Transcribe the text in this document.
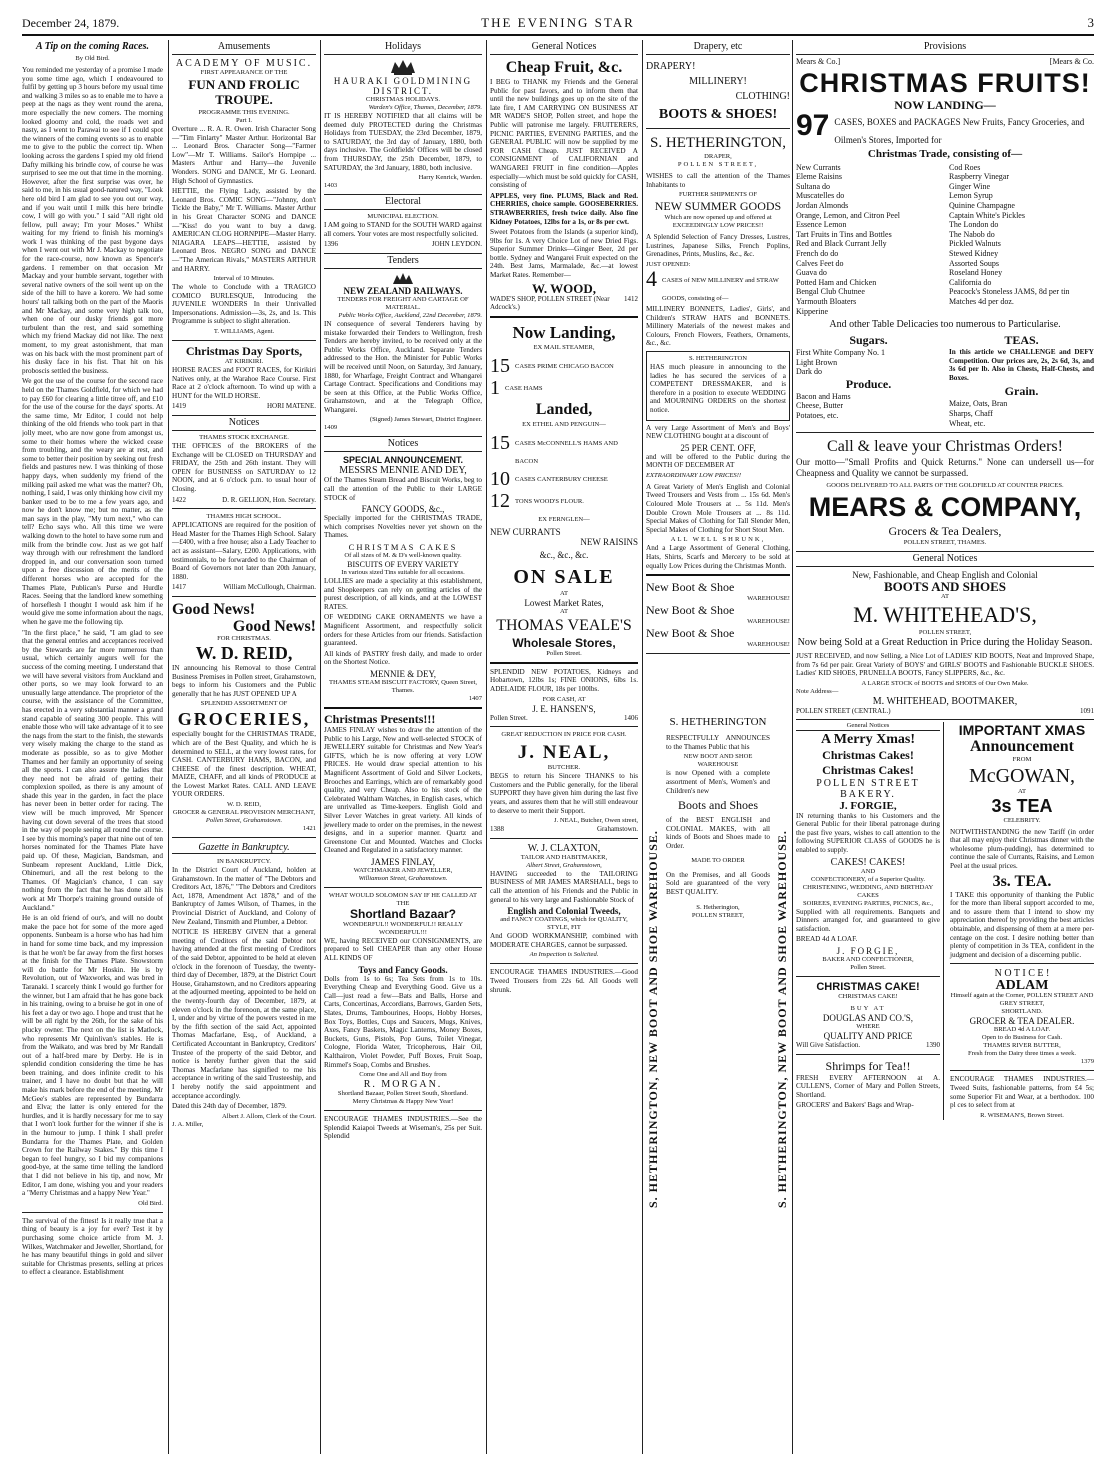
December 24, 1879.	THE EVENING STAR	3
A Tip on the coming Races.
By Old Bird.
You reminded me yesterday of a promise I made you some time ago, which I endeavoured to fulfil by getting up 3 hours before my usual time and walking 3 miles so as to enable me to have a peep at the nags as they went round the arena, more especially the new comers. The morning looked gloomy and cold, the roads wet and nasty, as I went to Parawai to see if I could spot the winners of the coming events so as to enable me to give to the public the correct tip. When looking across the gardens I spied my old friend Dafty milking his brindle cow, of course he was surprised to see me out that time in the morning. However, after the first surprise was over, he said to me, in his usual good-natured way, "Look here old bird I am glad to see you out our way, and if you wait until I milk this here brindle cow, I will go with you." I said "All right old fellow, pull away; I'm your Moses." Whilst waiting for my friend to finish his morning's work I was thinking of the past bygone days when I went out with Mr J. Mackay to negotiate for the race-course, now known as Spencer's gardens. I remember on that occasion Mr Mackay and your humble servant, together with several native owners of the soil went up on the side of the hill to have a korero. We had some hours' tall talking both on the part of the Maoris and Mr Mackay, and some very high talk too, when one of our dusky friends got more turbulent than the rest, and said something which my friend Mackay did not like. The next moment, to my great astonishment, that man was on his back with the most prominent part of his dusky face in his fist. That hit on his proboscis settled the business.
We got the use of the course for the second race held on the Thames Goldfield, for which we had to pay £60 for clearing a little titree off, and £10 for the use of the course for the days' sports. At the same time, Mr Editor, I could not help thinking of the old friends who took part in that jolly meet, who are now gone from amongst us, some to their homes where the wicked cease from troubling, and the weary are at rest, and some to better their position by seeking out fresh fields and pastures new. I was thinking of those happy days, when suddenly my friend of the milking pail asked me what was the matter? Oh, nothing, I said, I was only thinking how civil my banker used to be to me a few years ago, and now he don't know me; but no matter, as the man says in the play, "My turn next," who can tell? Echo says who. All this time we were walking down to the hotel to have some rum and milk from the brindle cow. Just as we got half way through with our refreshment the landlord dropped in, and our conversation soon turned upon a free discussion of the merits of the different horses who are accepted for the Thames Plate, Publican's Purse and Hurdle Races. Seeing that the landlord knew something of horseflesh I thought I would ask him if he would give me some information about the nags, when he gave me the following tip.
"In the first place," he said, "I am glad to see that the general entries and acceptances received by the Stewards are far more numerous than usual, which certainly augurs well for the success of the coming meeting. I understand that we will have several visitors from Auckland and other ports, so we may look forward to an unusually large attendance. The proprietor of the course, with the assistance of the Committee, has erected in a very substantial manner a grand stand capable of seating 300 people. This will enable those who will take advantage of it to see the nags from the start to the finish, the stewards very wisely making the charge to the stand as moderate as possible, so as to give Mother Thames and her family an opportunity of seeing all the sports. I can also assure the ladies that they need not be afraid of getting their complexion spoiled, as there is any amount of shade this year in the garden, in fact the place has never been in better order for racing. The view will be much improved, Mr Spencer having cut down several of the trees that stood in the way of people seeing all round the course. I see by this morning's paper that nine out of ten horses nominated for the Thames Plate have paid up. Of these, Magician, Bandsman, and Sunbeam represent Auckland, Little Dick, Ohinemuri, and all the rest belong to the Thames. Of Magician's chance, I can say nothing from the fact that he has done all his work at Mr Thorpe's training ground outside of Auckland."
He is an old friend of our's, and will no doubt make the pace hot for some of the more aged opponents. Sunbeam is a horse who has had him in hand for some time back, and my impression is that he won't be far away from the first horses at the finish for the Thames Plate. Snowstorm will do battle for Mr Hoskin. He is by Revolution, out of Waxworks, and was bred in Taranaki. I scarcely think I would go further for the winner, but I am afraid that he has gone back in his training, owing to a bruise he got in one of his feet a day or two ago. I hope and trust that he will be all right by the 26th, for the sake of his plucky owner. The next on the list is Matlock, who represents Mr Quinlivan's stables. He is from the Waikato, and was bred by Mr Randall out of a half-bred mare by Derby. He is in splendid condition considering the time he has been training, and does infinite credit to his trainer, and I have no doubt but that he will make his mark before the end of the meeting. Mr McGee's stables are represented by Bundarra and Elva; the latter is only entered for the hurdles, and it is hardly necessary for me to say that I won't look further for the winner if she is in the humour to jump. I think I shall prefer Bundarra for the Thames Plate, and Golden Crown for the Railway Stakes." By this time I began to feel hungry, so I bid my companions good-bye, at the same time telling the landlord that I did not believe in his tip, and now, Mr Editor, I am done, wishing you and your readers a "Merry Christmas and a happy New Year."
Old Bird.
The survival of the fittest! Is it really true that a thing of beauty is a joy for ever? Test it by purchasing some choice article from M. J. Wilkes, Watchmaker and Jeweller, Shortland, for he has many beautiful things in gold and silver suitable for Christmas presents, selling at prices to effect a clearance. Establishment
Amusements
ACADEMY OF MUSIC.
FIRST APPEARANCE OF THE
FUN AND FROLIC TROUPE.
PROGRAMME THIS EVENING.
Part I.
Overture ... R. A. R. Owen. Irish Character Song—"Tim Finlarty" Master Arthur. Horizontal Bar ... Leonard Bros. Character Song—"Farmer Low"—Mr T. Williams. Sailor's Hornpipe ... Masters Arthur and Harry—the Juvenile Wonders. SONG and DANCE, Mr G. Leonard. High School of Gymnastics.
HETTIE, the Flying Lady, assisted by the Leonard Bros. COMIC SONG—"Johnny, don't Tickle the Baby," Mr T. Williams. Master Arthur in his Great Character SONG and DANCE—"Kiss! do you want to buy a dawg. AMERICAN CLOG HORNPIPE—Master Harry. NIAGARA LEAPS—HETTIE, assisted by Leonard Bros. NEGRO SONG and DANCE—"The American Rivals," MASTERS ARTHUR and HARRY.
Interval of 10 Minutes.
The whole to Conclude with a TRAGICO COMICO BURLESQUE, Introducing the JUVENILE WONDERS In their Unrivalled Impersonations. Admission—3s, 2s, and 1s. This Programme is subject to slight alteration.
T. WILLIAMS, Agent.
Christmas Day Sports,
AT KIRIKIRI.
HORSE RACES and FOOT RACES, for Kirikiri Natives only, at the Warahoe Race Course. First Race at 2 o'clock afternoon. To wind up with a HUNT for the WILD HORSE.
1419	HORI MATENE.
Notices
THAMES STOCK EXCHANGE.
THE OFFICES of the BROKERS of the Exchange will be CLOSED on THURSDAY and FRIDAY, the 25th and 26th instant. They will OPEN for BUSINESS on SATURDAY to 12 NOON, and at 6 o'clock p.m. to usual hour of Closing.
1422	D. R. GELLION, Hon. Secretary.
THAMES HIGH SCHOOL.
APPLICATIONS are required for the position of Head Master for the Thames High School. Salary—£400, with a free house; also a Lady Teacher to act as assistant—Salary, £200. Applications, with testimonials, to be forwarded to the Chairman of Board of Governors not later than 20th January, 1880.
1417	William McCullough, Chairman.
Good News!
Good News!
FOR CHRISTMAS.
W. D. REID,
IN announcing his Removal to those Central Business Premises in Pollen street, Grahamstown, begs to inform his Customers and the Public generally that he has JUST OPENED UP A
SPLENDID ASSORTMENT OF
GROCERIES,
especially bought for the CHRISTMAS TRADE, which are of the Best Quality, and which he is determined to SELL, at the very lowest rates, for CASH. CANTERBURY HAMS, BACON, and CHEESE of the finest description. WHEAT, MAIZE, CHAFF, and all kinds of PRODUCE at the Lowest Market Rates. CALL AND LEAVE YOUR ORDERS.
W. D. REID,
GROCER & GENERAL PROVISION MERCHANT,
Pollen Street, Grahamstown.
1421
Gazette in Bankruptcy.
IN BANKRUPTCY.
In the District Court of Auckland, holden at Grahamstown. In the matter of "The Debtors and Creditors Act, 1876," "The Debtors and Creditors Act, 1878, Amendment Act 1878," and of the Bankruptcy of James Wilson, of Thames, in the Provincial District of Auckland, and Colony of New Zealand, Tinsmith and Plumber, a Debtor.
NOTICE IS HEREBY GIVEN that a general meeting of Creditors of the said Debtor not having attended at the first meeting of Creditors of the said Debtor, appointed to be held at eleven o'clock in the forenoon of Tuesday, the twenty-third day of December, 1879, at the District Court House, Grahamstown, and no Creditors appearing at the adjourned meeting, appointed to be held on the twenty-fourth day of December, 1879, at eleven o'clock in the forenoon, at the same place, I, under and by virtue of the powers vested in me by the fifth section of the said Act, appointed Thomas Macfarlane, Esq., of Auckland, a Certificated Accountant in Bankruptcy, Creditors' Trustee of the property of the said Debtor, and notice is hereby further given that the said Thomas Macfarlane has signified to me his acceptance in writing of the said Trusteeship, and I hereby notify the said appointment and acceptance accordingly.
Dated this 24th day of December, 1879.
Albert J. Allom, Clerk of the Court.
J. A. Miller,
Holidays
HAURAKI GOLDMINING DISTRICT.
CHRISTMAS HOLIDAYS.
Warden's Office, Thames, December, 1879.
IT IS HEREBY NOTIFIED that all claims will be deemed duly PROTECTED during the Christmas Holidays from TUESDAY, the 23rd December, 1879, to SATURDAY, the 3rd day of January, 1880, both days inclusive. The Goldfields' Offices will be closed from THURSDAY, the 25th December, 1879, to SATURDAY, the 3rd January, 1880, both inclusive.
Harry Kenrick, Warden.
1403
Electoral
MUNICIPAL ELECTION.
I AM going to STAND for the SOUTH WARD against all comers. Your votes are most respectfully solicited.
1396	JOHN LEYDON.
Tenders
NEW ZEALAND RAILWAYS.
TENDERS FOR FREIGHT AND CARTAGE OF MATERIAL.
Public Works Office, Auckland, 22nd December, 1879.
IN consequence of several Tenderers having by mistake forwarded their Tenders to Wellington, fresh Tenders are hereby invited, to be received only at the Public Works Office, Auckland. Separate Tenders addressed to the Hon. the Minister for Public Works will be received until Noon, on Saturday, 3rd January, 1880, for Wharfage, Freight Contract and Whangarei Cartage Contract. Specifications and Conditions may be seen at this Office, at the Public Works Office, Grahamstown, and at the Telegraph Office, Whangarei.
(Signed) James Stewart, District Engineer.
1409
Notices
SPECIAL ANNOUNCEMENT.
MESSRS MENNIE AND DEY,
Of the Thames Steam Bread and Biscuit Works, beg to call the attention of the Public to their LARGE STOCK of
FANCY GOODS, &c.,
Specially imported for the CHRISTMAS TRADE, which comprises Novelties never yet shown on the Thames.
CHRISTMAS CAKES
Of all sizes of M. & D's well-known quality.
BISCUITS OF EVERY VARIETY
In various sized Tins suitable for all occasions.
LOLLIES are made a speciality at this establishment, and Shopkeepers can rely on getting articles of the purest description, of all kinds, and at the LOWEST RATES.
OF WEDDING CAKE ORNAMENTS we have a Magnificent Assortment, and respectfully solicit orders for these Articles from our friends. Satisfaction guaranteed.
All kinds of PASTRY fresh daily, and made to order on the Shortest Notice.
MENNIE & DEY,
THAMES STEAM BISCUIT FACTORY, Queen Street, Thames.
1407
Christmas Presents!!!
JAMES FINLAY wishes to draw the attention of the Public to his Large, New and well-selected STOCK of JEWELLERY suitable for Christmas and New Year's GIFTS, which he is now offering at very LOW PRICES. He would draw special attention to his Magnificent Assortment of Gold and Silver Lockets, Brooches and Earrings, which are of remarkably good quality, and very Cheap. Also to his stock of the Celebrated Waltham Watches, in English cases, which are unrivalled as Time-keepers. English Gold and Silver Lever Watches in great variety. All kinds of jewellery made to order on the premises, in the newest designs, and in a superior manner. Quartz and Greenstone Cut and Mounted. Watches and Clocks Cleaned and Regulated in a satisfactory manner.
JAMES FINLAY,
WATCHMAKER AND JEWELLER,
Williamson Street, Grahamstown.
WHAT WOULD SOLOMON SAY IF HE CALLED AT THE
Shortland Bazaar?
WONDERFUL!! WONDERFUL!! REALLY WONDERFUL!!!
WE, having RECEIVED our CONSIGNMENTS, are prepared to Sell CHEAPER than any other House ALL KINDS OF
Toys and Fancy Goods.
Dolls from 1s to 6s; Tea Sets from 1s to 10s. Everything Cheap and Everything Good. Give us a Call—just read a few—Bats and Balls, Horse and Carts, Concertinas, Accordians, Barrows, Garden Sets, Slates, Drums, Tambourines, Hoops, Hobby Horses, Box Toys, Bottles, Cups and Saucers, Mugs, Knives, Axes, Fancy Baskets, Magic Lanterns, Money Boxes, Buckets, Guns, Pistols, Pop Guns, Toilet Vinegar, Cologne, Florida Water, Tricopherous, Hair Oil, Kalthairon, Violet Powder, Puff Boxes, Fruit Soap, Rimmel's Soap, Combs and Brushes.
Come One and All and Buy from
R. MORGAN.
Shortland Bazaar, Pollen Street South, Shortland.
Merry Christmas & Happy New Year!
ENCOURAGE THAMES INDUSTRIES.—See the Splendid Kaiapoi Tweeds at Wiseman's, 25s per Suit. Splendid
General Notices
Cheap Fruit, &c.
I BEG to THANK my Friends and the General Public for past favors, and to inform them that until the new buildings goes up on the site of the late fire, I AM CARRYING ON BUSINESS AT MR WADE'S SHOP, Pollen street, and hope the Public will patronise me largely. FRUITERERS, PICNIC PARTIES, EVENING PARTIES, and the GENERAL PUBLIC will now be supplied by me FOR CASH Cheap. JUST RECEIVED A CONSIGNMENT of CALIFORNIAN and WANGAREI FRUIT in fine condition—Apples especially—which must be sold quickly for CASH, consisting of
APPLES, very fine. PLUMS, Black and Red. CHERRIES, choice sample. GOOSEBERRIES. STRAWBERRIES, fresh twice daily. Also fine Kidney Potatoes, 12lbs for a 1s, or 8s per cwt.
Sweet Potatoes from the Islands (a superior kind), 9lbs for 1s. A very Choice Lot of new Dried Figs. Superior Summer Drinks—Ginger Beer, 2d per bottle. Sydney and Wangarei Fruit expected on the 24th. Best Jams, Marmalade, &c.—at lowest Market Rates. Remember—
W. WOOD,
WADE'S SHOP, POLLEN STREET (Near Adcock's.)
1412
Now Landing,
EX MAIL STEAMER,
15 CASES PRIME CHICAGO BACON
1 CASE HAMS
Landed,
EX ETHEL AND PENGUIN—
15 CASES McCONNELL'S HAMS AND BACON
10 CASES CANTERBURY CHEESE
12 TONS WOOD'S FLOUR.
EX FERNGLEN—
NEW CURRANTS
NEW RAISINS
&c., &c., &c.
ON SALE
AT
Lowest Market Rates,
AT
THOMAS VEALE'S
Wholesale Stores,
Pollen Street.
SPLENDID NEW POTATOES, Kidneys and Hobartown, 12lbs 1s; FINE ONIONS, 6lbs 1s. ADELAIDE FLOUR, 18s per 100lbs.
FOR CASH, AT
J. E. HANSEN'S,
Pollen Street.	1406
GREAT REDUCTION IN PRICE FOR CASH.
J. NEAL,
BUTCHER.
BEGS to return his Sincere THANKS to his Customers and the Public generally, for the liberal SUPPORT they have given him during the last five years, and assures them that he will still endeavour to deserve to merit their Support.
J. NEAL, Butcher, Owen street,
1388	Grahamstown.
W. J. CLAXTON,
TAILOR AND HABITMAKER,
Albert Street, Grahamstown,
HAVING succeeded to the TAILORING BUSINESS of MR JAMES MARSHALL, begs to call the attention of his Friends and the Public in general to his very large and Fashionable Stock of
English and Colonial Tweeds,
and FANCY COATINGS, which for QUALITY, STYLE, FIT
And GOOD WORKMANSHIP, combined with MODERATE CHARGES, cannot be surpassed.
An Inspection is Solicited.
ENCOURAGE THAMES INDUSTRIES.—Good Tweed Trousers from 22s 6d. All Goods well shrunk.
Drapery, etc
DRAPERY!
MILLINERY!
CLOTHING!
BOOTS & SHOES!
S. HETHERINGTON,
DRAPER,
POLLEN STREET,
WISHES to call the attention of the Thames Inhabitants to
FURTHER SHIPMENTS OF
NEW SUMMER GOODS
Which are now opened up and offered at EXCEEDINGLY LOW PRICES!!
A Splendid Selection of Fancy Dresses, Lustres, Lustrines, Japanese Silks, French Poplins, Grenadines, Prints, Muslins, &c., &c.
JUST OPENED:
4 CASES of NEW MILLINERY and STRAW GOODS, consisting of—
MILLINERY BONNETS, Ladies', Girls', and Children's STRAW HATS and BONNETS. Millinery Materials of the newest makes and Colours, French Flowers, Feathers, Ornaments, &c., &c.
S. HETHERINGTON
HAS much pleasure in announcing to the ladies he has secured the services of a COMPETENT DRESSMAKER, and is therefore in a position to execute WEDDING and MOURNING ORDERS on the shortest notice.
A very Large Assortment of Men's and Boys' NEW CLOTHING bought at a discount of
25 PER CENT. OFF,
and will be offered to the Public during the MONTH OF DECEMBER AT
EXTRAORDINARY LOW PRICES!!
A Great Variety of Men's English and Colonial Tweed Trousers and Vests from ... 15s 6d. Men's Coloured Mole Trousers at ... 5s 11d. Men's Double Crown Mole Trousers at ... 8s 11d. Special Makes of Clothing for Tall Slender Men, Special Makes of Clothing for Short Stout Men.
ALL WELL SHRUNK,
And a Large Assortment of General Clothing, Hats, Shirts, Scarfs and Mercery to be sold at equally Low Prices during the Christmas Month.
New Boot & Shoe
WAREHOUSE!
New Boot & Shoe
WAREHOUSE!
New Boot & Shoe
WAREHOUSE!
S. HETHERINGTON, NEW BOOT AND SHOE WAREHOUSE.	S. HETHERINGTON, NEW BOOT AND SHOE WAREHOUSE.
S. HETHERINGTON
RESPECTFULLY ANNOUNCES to the Thames Public that his
NEW BOOT AND SHOE WAREHOUSE
is now Opened with a complete assortment of Men's, Women's and Children's new
Boots and Shoes
of the BEST ENGLISH and COLONIAL MAKES, with all kinds of Boots and Shoes made to Order.
MADE TO ORDER
On the Premises, and all Goods Sold are guaranteed of the very BEST QUALITY.
S. Hetherington,
POLLEN STREET,
Provisions
Mears & Co.]	[Mears & Co.
CHRISTMAS FRUITS!
NOW LANDING—
97 CASES, BOXES and PACKAGES New Fruits, Fancy Groceries, and Oilmen's Stores, Imported for
Christmas Trade, consisting of—
New Currants
Eleme Raisins
Sultana do
Muscatelles do
Jordan Almonds
Orange, Lemon, and Citron Peel
Essence Lemon
Tart Fruits in Tins and Bottles
Red and Black Currant Jelly
French do do
Calves Feet do
Guava do
Potted Ham and Chicken
Bengal Club Chutnee
Yarmouth Bloaters
Kipperine
Cod Roes
Raspberry Vinegar
Ginger Wine
Lemon Syrup
Quinine Champagne
Captain White's Pickles
The London do
The Nabob do
Pickled Walnuts
Stewed Kidney
Assorted Soups
Roseland Honey
California do
Peacock's Stoneless JAMS, 8d per tin
Matches 4d per doz.
And other Table Delicacies too numerous to Particularise.
Sugars.
First White Company No. 1
Light Brown
Dark do
Produce.
Bacon and Hams
Cheese, Butter
Potatoes, etc.
TEAS.
In this article we CHALLENGE and DEFY Competition. Our prices are, 2s, 2s 6d, 3s, and 3s 6d per lb. Also in Chests, Half-Chests, and Boxes.
Grain.
Maize, Oats, Bran
Sharps, Chaff
Wheat, etc.
Call & leave your Christmas Orders!
Our motto—"Small Profits and Quick Returns." None can undersell us—for Cheapness and Quality we cannot be surpassed.
GOODS DELIVERED TO ALL PARTS OF THE GOLDFIELD AT COUNTER PRICES.
MEARS & COMPANY,
Grocers & Tea Dealers,
POLLEN STREET, THAMES.
General Notices
New, Fashionable, and Cheap English and Colonial
BOOTS AND SHOES
AT
M. WHITEHEAD'S,
POLLEN STREET,
Now being Sold at a Great Reduction in Price during the Holiday Season.
JUST RECEIVED, and now Selling, a Nice Lot of LADIES' KID BOOTS, Neat and Improved Shape, from 7s 6d per pair. Great Variety of BOYS' and GIRLS' BOOTS and Fashionable BUCKLE SHOES. Ladies' KID SHOES, PRUNELLA BOOTS, Fancy SLIPPERS, &c., &c.
A LARGE STOCK of BOOTS and SHOES of Our Own Make.
Note Address—
M. WHITEHEAD, BOOTMAKER,
POLLEN STREET (CENTRAL.)	1091
General Notices
A Merry Xmas!
Christmas Cakes!
Christmas Cakes!
POLLEN STREET BAKERY.
J. FORGIE,
IN returning thanks to his Customers and the General Public for their liberal patronage during the past five years, wishes to call attention to the following SUPERIOR CLASS of GOODS he is enabled to supply.
CAKES! CAKES!
AND
CONFECTIONERY, of a Superior Quality.
CHRISTENING, WEDDING, AND BIRTHDAY CAKES
SOIREES, EVENING PARTIES, PICNICS, &c.,
Supplied with all requirements. Banquets and Dinners arranged for, and guaranteed to give satisfaction.
BREAD 4d A LOAF.
J. FORGIE,
BAKER AND CONFECTIONER,
Pollen Street.
CHRISTMAS CAKE!
CHRISTMAS CAKE!
BUY AT
DOUGLAS AND CO.'S,
WHERE
QUALITY AND PRICE
Will Give Satisfaction.	1390
Shrimps for Tea!!
FRESH EVERY AFTERNOON at A. CULLEN'S, Corner of Mary and Pollen Streets, Shortland.
GROCERS' and Bakers' Bags and Wrap-
IMPORTANT XMAS
Announcement
FROM
McGOWAN,
AT
3s TEA
CELEBRITY.
NOTWITHSTANDING the new Tariff (in order that all may enjoy their Christmas dinner with the wholesome plum-pudding), has determined to continue the sale of Currants, Raisins, and Lemon Peel at the usual prices.
3s. TEA.
I TAKE this opportunity of thanking the Public for the more than liberal support accorded to me, and to assure them that I intend to show my appreciation thereof by providing the best articles obtainable, and dispensing of them at a mere per-centage on the cost. I desire nothing better than plenty of competition in 3s TEA, confident in the judgment and decision of a discerning public.
N O T I C E !
ADLAM
Himself again at the Corner, POLLEN STREET AND GREY STREET,
SHORTLAND.
GROCER & TEA DEALER.
BREAD 4d A LOAF.
Open to do Business for Cash.
THAMES RIVER BUTTER,
Fresh from the Dairy three times a week.
1379
ENCOURAGE THAMES INDUSTRIES.—Tweed Suits, fashionable patterns, from £4 5s; some Superior Fit and Wear, at a berthodox. 100 pl ces to select from at
R. WISEMAN'S, Brown Street.
